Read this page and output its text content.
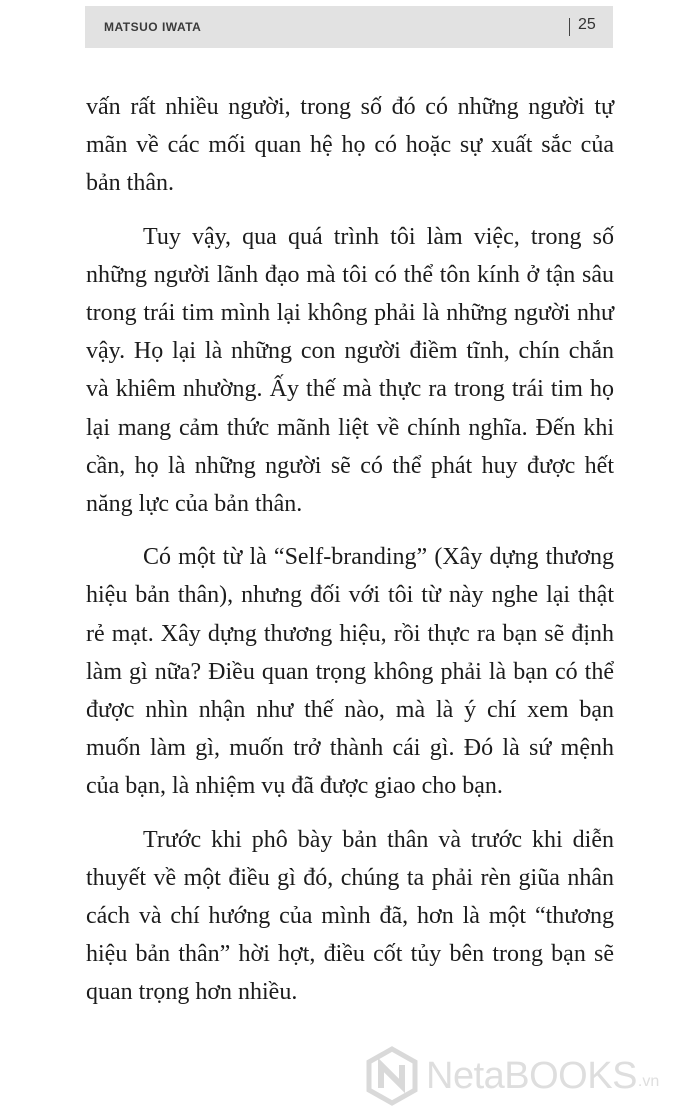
MATSUO IWATA	25

vấn rất nhiều người, trong số đó có những người tự mãn về các mối quan hệ họ có hoặc sự xuất sắc của bản thân.

Tuy vậy, qua quá trình tôi làm việc, trong số những người lãnh đạo mà tôi có thể tôn kính ở tận sâu trong trái tim mình lại không phải là những người như vậy. Họ lại là những con người điềm tĩnh, chín chắn và khiêm nhường. Ấy thế mà thực ra trong trái tim họ lại mang cảm thức mãnh liệt về chính nghĩa. Đến khi cần, họ là những người sẽ có thể phát huy được hết năng lực của bản thân.

Có một từ là “Self-branding” (Xây dựng thương hiệu bản thân), nhưng đối với tôi từ này nghe lại thật rẻ mạt. Xây dựng thương hiệu, rồi thực ra bạn sẽ định làm gì nữa? Điều quan trọng không phải là bạn có thể được nhìn nhận như thế nào, mà là ý chí xem bạn muốn làm gì, muốn trở thành cái gì. Đó là sứ mệnh của bạn, là nhiệm vụ đã được giao cho bạn.

Trước khi phô bày bản thân và trước khi diễn thuyết về một điều gì đó, chúng ta phải rèn giũa nhân cách và chí hướng của mình đã, hơn là một “thương hiệu bản thân” hời hợt, điều cốt tủy bên trong bạn sẽ quan trọng hơn nhiều.

NetaBOOKS .vn
